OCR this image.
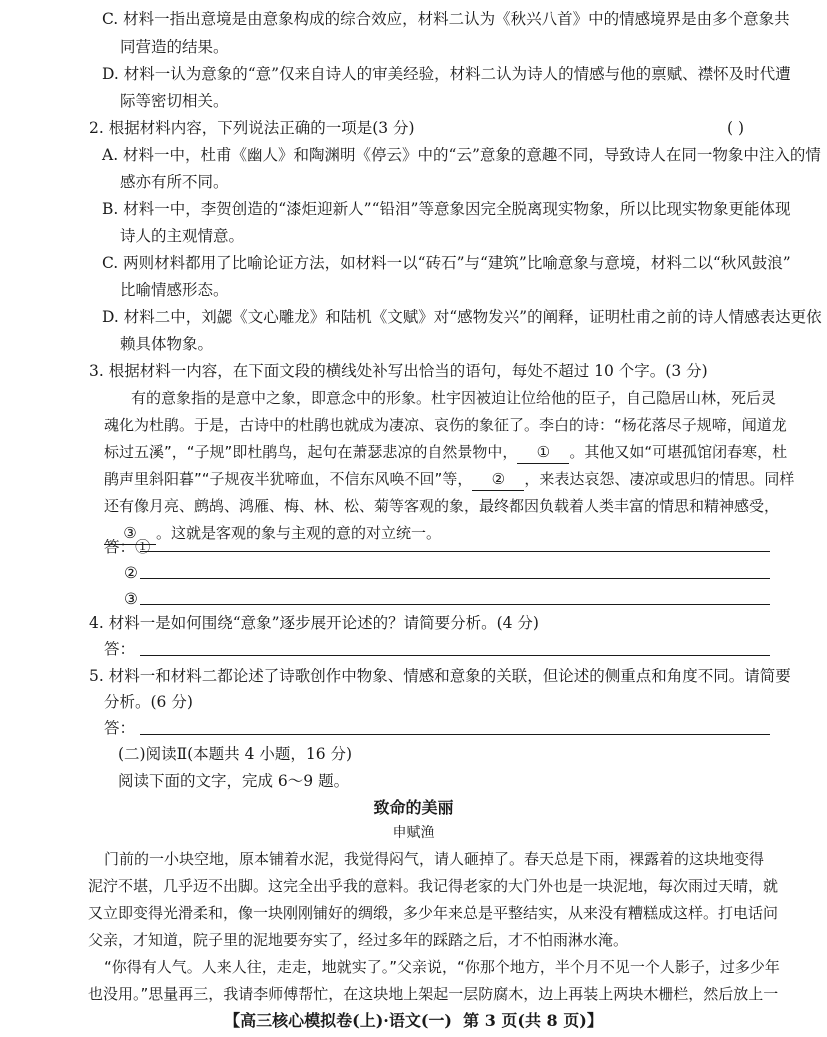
C. 材料一指出意境是由意象构成的综合效应，材料二认为《秋兴八首》中的情感境界是由多个意象共
同营造的结果。
D. 材料一认为意象的“意”仅来自诗人的审美经验，材料二认为诗人的情感与他的禀赋、襟怀及时代遭
际等密切相关。
2. 根据材料内容，下列说法正确的一项是(3 分)	( )
A. 材料一中，杜甫《幽人》和陶渊明《停云》中的“云”意象的意趣不同，导致诗人在同一物象中注入的情
感亦有所不同。
B. 材料一中，李贺创造的“漆炬迎新人”“铅泪”等意象因完全脱离现实物象，所以比现实物象更能体现
诗人的主观情意。
C. 两则材料都用了比喻论证方法，如材料一以“砖石”与“建筑”比喻意象与意境，材料二以“秋风鼓浪”
比喻情感形态。
D. 材料二中，刘勰《文心雕龙》和陆机《文赋》对“感物发兴”的阐释，证明杜甫之前的诗人情感表达更依
赖具体物象。
3. 根据材料一内容，在下面文段的横线处补写出恰当的语句，每处不超过 10 个字。(3 分)
有的意象指的是意中之象，即意念中的形象。杜宇因被迫让位给他的臣子，自己隐居山林，死后灵
魂化为杜鹃。于是，古诗中的杜鹃也就成为凄凉、哀伤的象征了。李白的诗：“杨花落尽子规啼，闻道龙
标过五溪”，“子规”即杜鹃鸟，起句在萧瑟悲凉的自然景物中， ① 。其他又如“可堪孤馆闭春寒，杜
鹃声里斜阳暮”“子规夜半犹啼血，不信东风唤不回”等， ② ，来表达哀怨、凄凉或思归的情思。同样
还有像月亮、鹧鸪、鸿雁、梅、林、松、菊等客观的象，最终都因负载着人类丰富的情思和精神感受，
③ 。这就是客观的象与主观的意的对立统一。
答：①
②
③
4. 材料一是如何围绕“意象”逐步展开论述的？请简要分析。(4 分)
答：
5. 材料一和材料二都论述了诗歌创作中物象、情感和意象的关联，但论述的侧重点和角度不同。请简要
分析。(6 分)
答：
(二)阅读Ⅱ(本题共 4 小题，16 分)
阅读下面的文字，完成 6～9 题。
致命的美丽
申赋渔
门前的一小块空地，原本铺着水泥，我觉得闷气，请人砸掉了。春天总是下雨，裸露着的这块地变得
泥泞不堪，几乎迈不出脚。这完全出乎我的意料。我记得老家的大门外也是一块泥地，每次雨过天晴，就
又立即变得光滑柔和，像一块刚刚铺好的绸缎，多少年来总是平整结实，从来没有糟糕成这样。打电话问
父亲，才知道，院子里的泥地要夯实了，经过多年的踩踏之后，才不怕雨淋水淹。
“你得有人气。人来人往，走走，地就实了。”父亲说，“你那个地方，半个月不见一个人影子，过多少年
也没用。”思量再三，我请李师傅帮忙，在这块地上架起一层防腐木，边上再装上两块木栅栏，然后放上一
【高三核心模拟卷(上)·语文(一) 第 3 页(共 8 页)】
